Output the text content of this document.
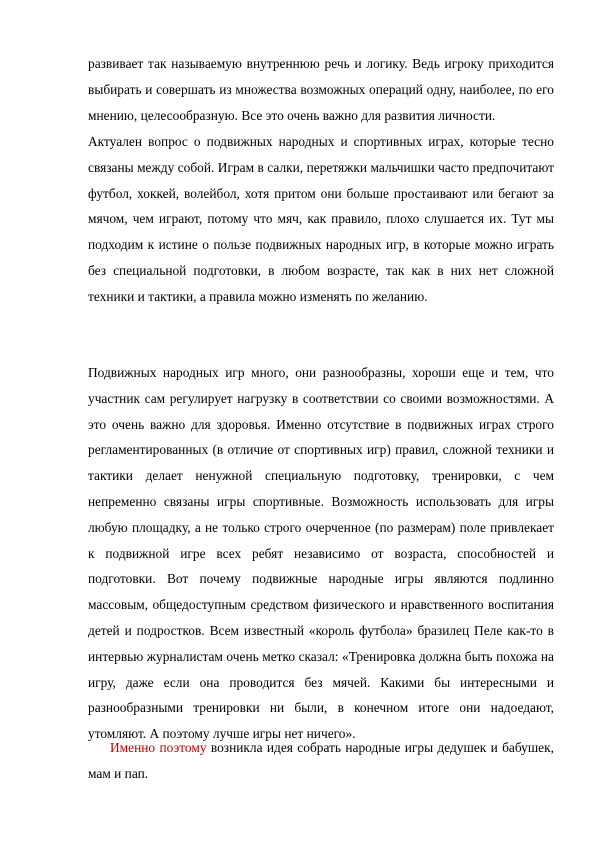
развивает так называемую внутреннюю речь и логику. Ведь игроку приходится выбирать и совершать из множества возможных операций одну, наиболее, по его мнению, целесообразную. Все это очень важно для развития личности.

Актуален вопрос о подвижных народных и спортивных играх, которые тесно связаны между собой. Играм в салки, перетяжки мальчишки часто предпочитают футбол, хоккей, волейбол, хотя притом они больше простаивают или бегают за мячом, чем играют, потому что мяч, как правило, плохо слушается их. Тут мы подходим к истине о пользе подвижных народных игр, в которые можно играть без специальной подготовки, в любом возрасте, так как в них нет сложной техники и тактики, а правила можно изменять по желанию.

Подвижных народных игр много, они разнообразны, хороши еще и тем, что участник сам регулирует нагрузку в соответствии со своими возможностями. А это очень важно для здоровья. Именно отсутствие в подвижных играх строго регламентированных (в отличие от спортивных игр) правил, сложной техники и тактики делает ненужной специальную подготовку, тренировки, с чем непременно связаны игры спортивные. Возможность использовать для игры любую площадку, а не только строго очерченное (по размерам) поле привлекает к подвижной игре всех ребят независимо от возраста, способностей и подготовки. Вот почему подвижные народные игры являются подлинно массовым, общедоступным средством физического и нравственного воспитания детей и подростков. Всем известный «король футбола» бразилец Пеле как-то в интервью журналистам очень метко сказал: «Тренировка должна быть похожа на игру, даже если она проводится без мячей. Какими бы интересными и разнообразными тренировки ни были, в конечном итоге они надоедают, утомляют. А поэтому лучше игры нет ничего».

Именно поэтому возникла идея собрать народные игры дедушек и бабушек, мам и пап.
